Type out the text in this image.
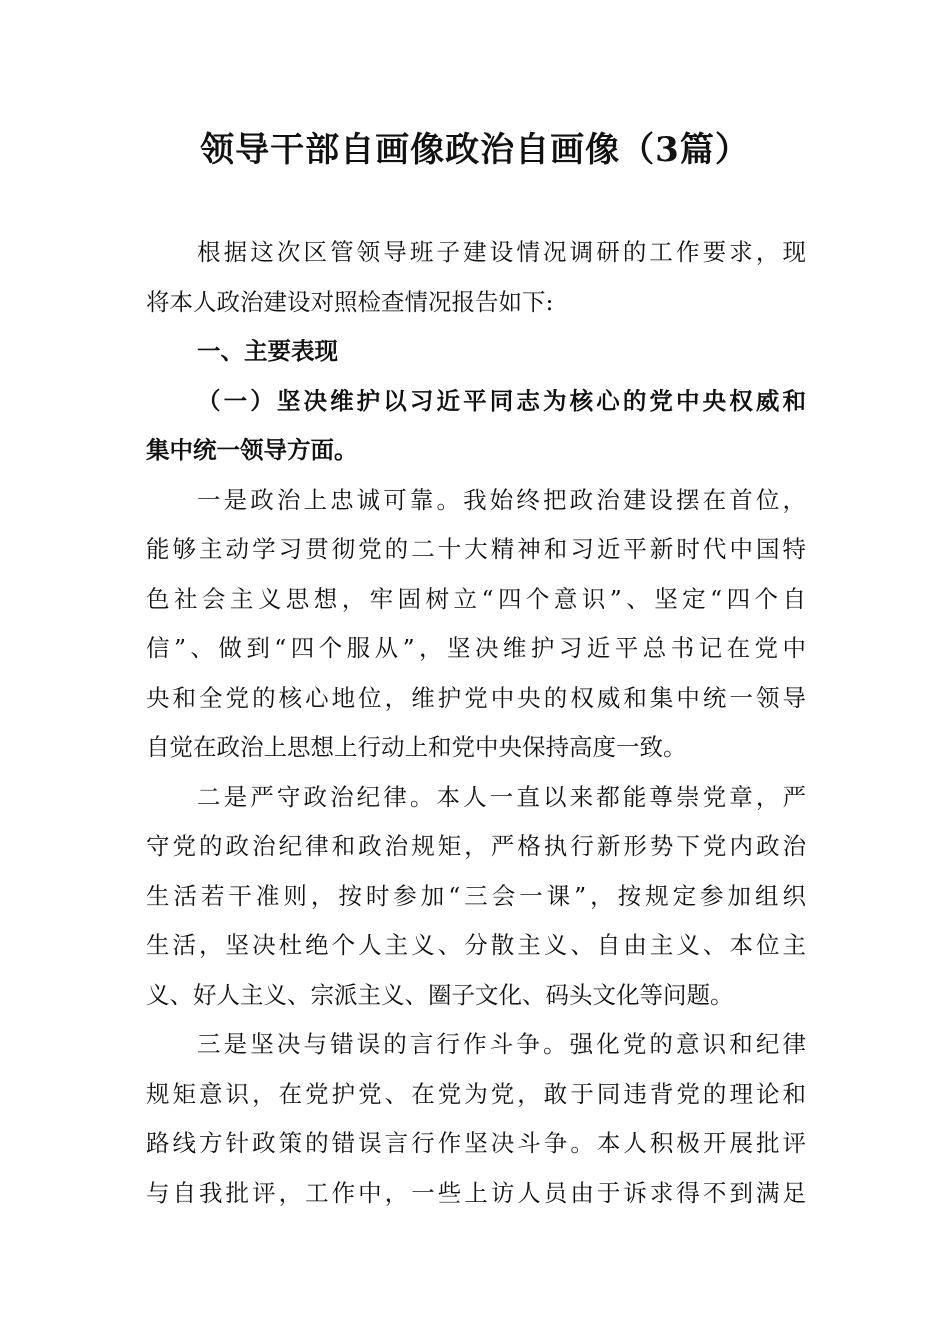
领导干部自画像政治自画像（3篇）
根据这次区管领导班子建设情况调研的工作要求，现
将本人政治建设对照检查情况报告如下:
一、主要表现
（一）坚决维护以习近平同志为核心的党中央权威和
集中统一领导方面。
一是政治上忠诚可靠。我始终把政治建设摆在首位，
能够主动学习贯彻党的二十大精神和习近平新时代中国特
色社会主义思想，牢固树立“四个意识”、坚定“四个自
信”、做到“四个服从”，坚决维护习近平总书记在党中
央和全党的核心地位，维护党中央的权威和集中统一领导
自觉在政治上思想上行动上和党中央保持高度一致。
二是严守政治纪律。本人一直以来都能尊崇党章，严
守党的政治纪律和政治规矩，严格执行新形势下党内政治
生活若干准则，按时参加“三会一课”，按规定参加组织
生活，坚决杜绝个人主义、分散主义、自由主义、本位主
义、好人主义、宗派主义、圈子文化、码头文化等问题。
三是坚决与错误的言行作斗争。强化党的意识和纪律
规矩意识，在党护党、在党为党，敢于同违背党的理论和
路线方针政策的错误言行作坚决斗争。本人积极开展批评
与自我批评，工作中，一些上访人员由于诉求得不到满足
